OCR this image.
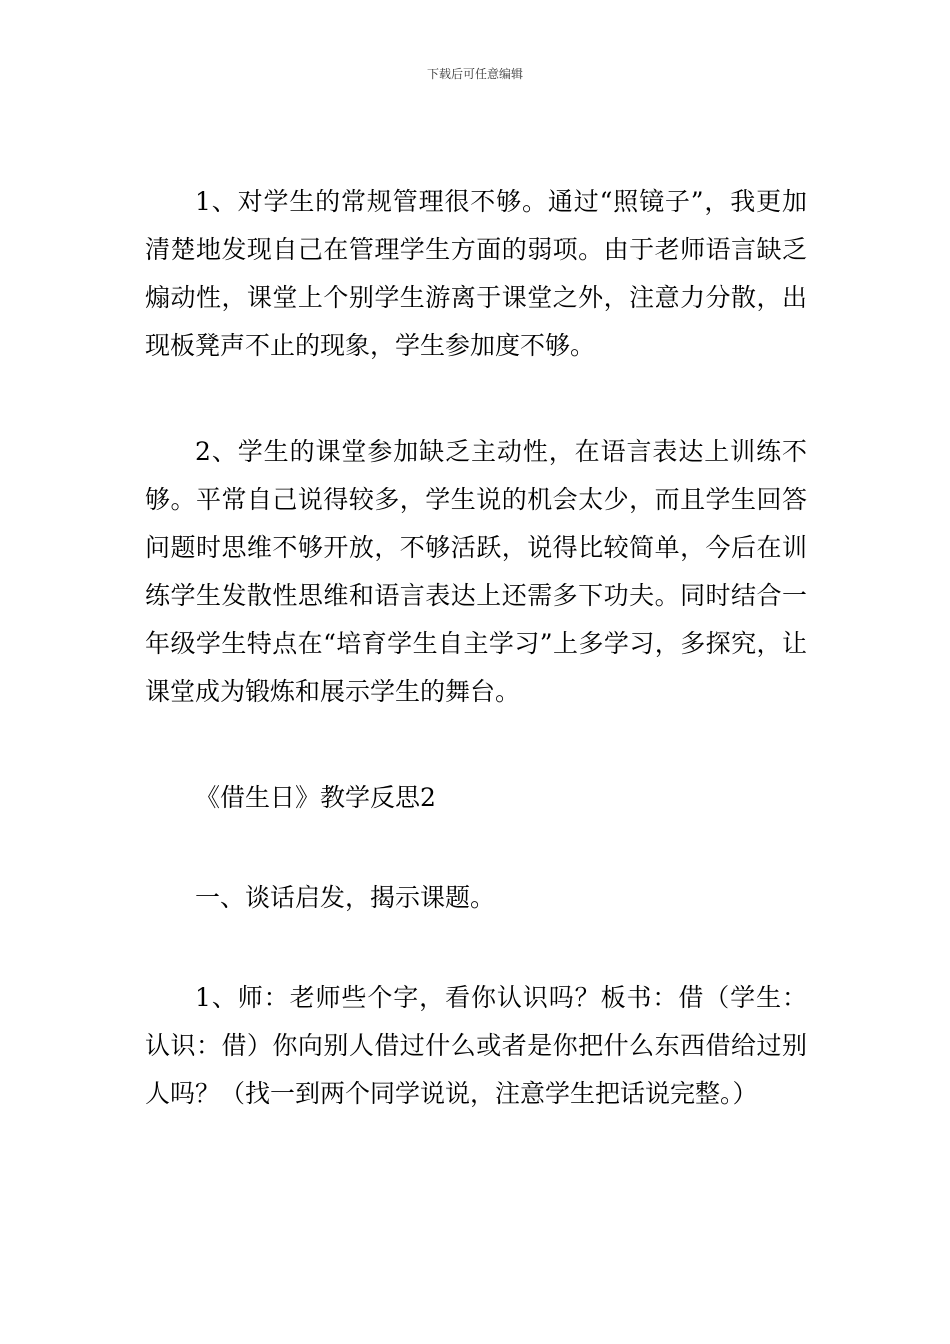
下载后可任意编辑

1、对学生的常规管理很不够。通过“照镜子”，我更加清楚地发现自己在管理学生方面的弱项。由于老师语言缺乏煽动性，课堂上个别学生游离于课堂之外，注意力分散，出现板凳声不止的现象，学生参加度不够。

2、学生的课堂参加缺乏主动性，在语言表达上训练不够。平常自己说得较多，学生说的机会太少，而且学生回答问题时思维不够开放，不够活跃，说得比较简单，今后在训练学生发散性思维和语言表达上还需多下功夫。同时结合一年级学生特点在“培育学生自主学习”上多学习，多探究，让课堂成为锻炼和展示学生的舞台。

《借生日》教学反思2

一、谈话启发，揭示课题。

1、师：老师些个字，看你认识吗？板书：借（学生：认识：借）你向别人借过什么或者是你把什么东西借给过别人吗？（找一到两个同学说说，注意学生把话说完整。）
